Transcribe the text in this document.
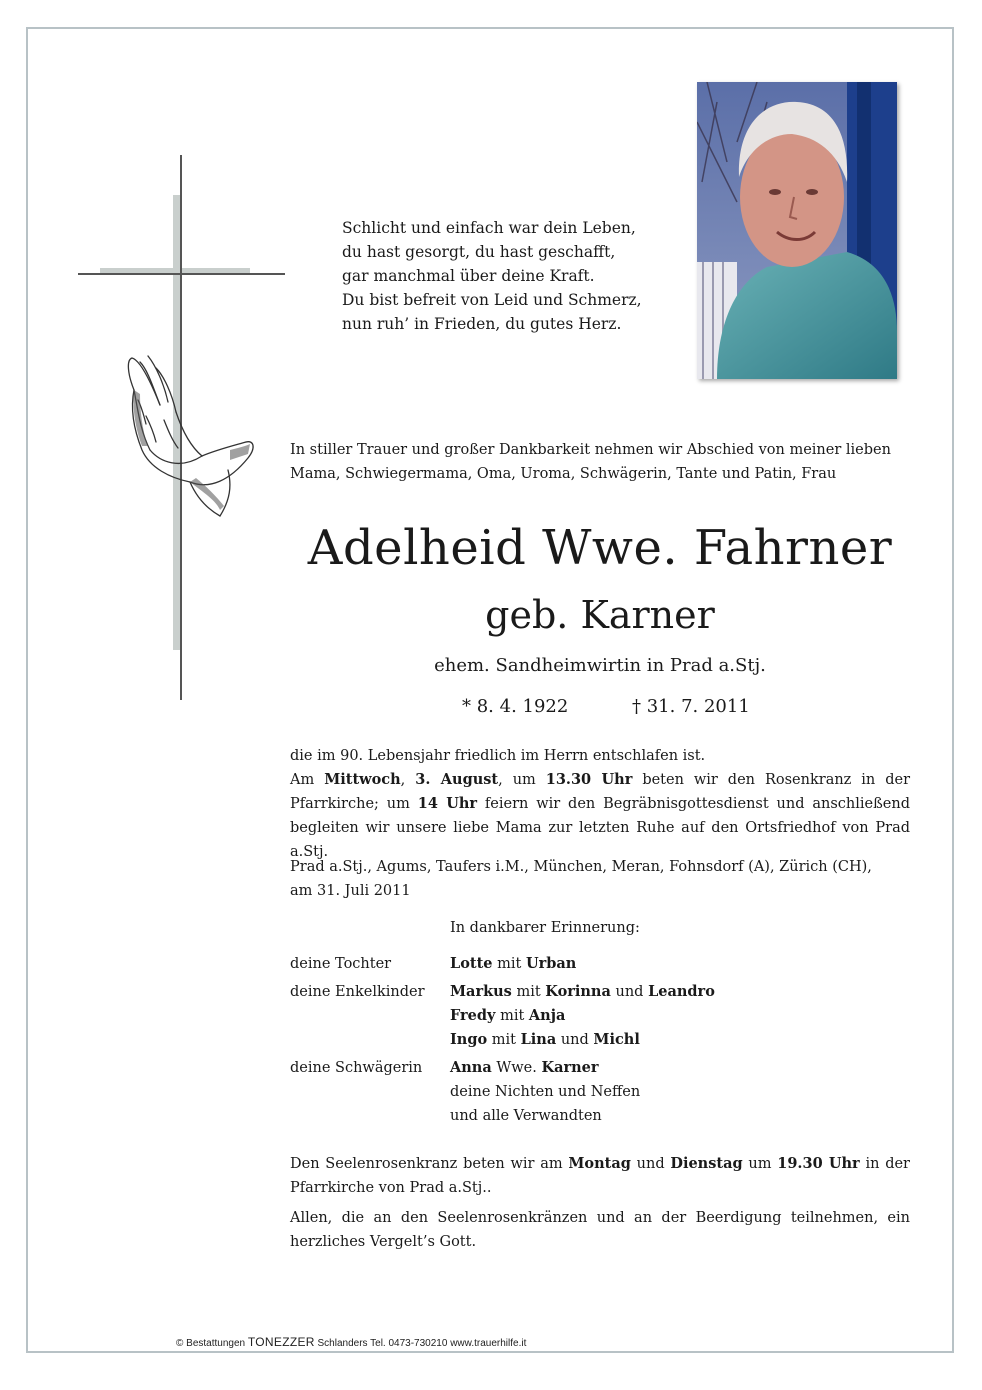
Schlicht und einfach war dein Leben,
du hast gesorgt, du hast geschafft,
gar manchmal über deine Kraft.
Du bist befreit von Leid und Schmerz,
nun ruh’ in Frieden, du gutes Herz.
In stiller Trauer und großer Dankbarkeit nehmen wir Abschied von meiner lieben
Mama, Schwiegermama, Oma, Uroma, Schwägerin, Tante und Patin, Frau
Adelheid Wwe. Fahrner
geb. Karner
ehem. Sandheimwirtin in Prad a.Stj.
* 8. 4. 1922	† 31. 7. 2011

die im 90. Lebensjahr friedlich im Herrn entschlafen ist.

Am Mittwoch, 3. August, um 13.30 Uhr beten wir den Rosenkranz in der Pfarrkirche; um 14 Uhr feiern wir den Begräbnisgottesdienst und anschließend begleiten wir unsere liebe Mama zur letzten Ruhe auf den Ortsfriedhof von Prad a.Stj.

Prad a.Stj., Agums, Taufers i.M., München, Meran, Fohnsdorf (A), Zürich (CH),

am 31. Juli 2011

In dankbarer Erinnerung:

deine Tochter	Lotte mit Urban
deine Enkelkinder	Markus mit Korinna und Leandro
Fredy mit Anja
Ingo mit Lina und Michl
deine Schwägerin	Anna Wwe. Karner
deine Nichten und Neffen
und alle Verwandten

Den Seelenrosenkranz beten wir am Montag und Dienstag um 19.30 Uhr in der Pfarrkirche von Prad a.Stj..

Allen, die an den Seelenrosenkränzen und an der Beerdigung teilnehmen, ein herzliches Vergelt’s Gott.

© Bestattungen TONEZZER Schlanders Tel. 0473-730210 www.trauerhilfe.it
